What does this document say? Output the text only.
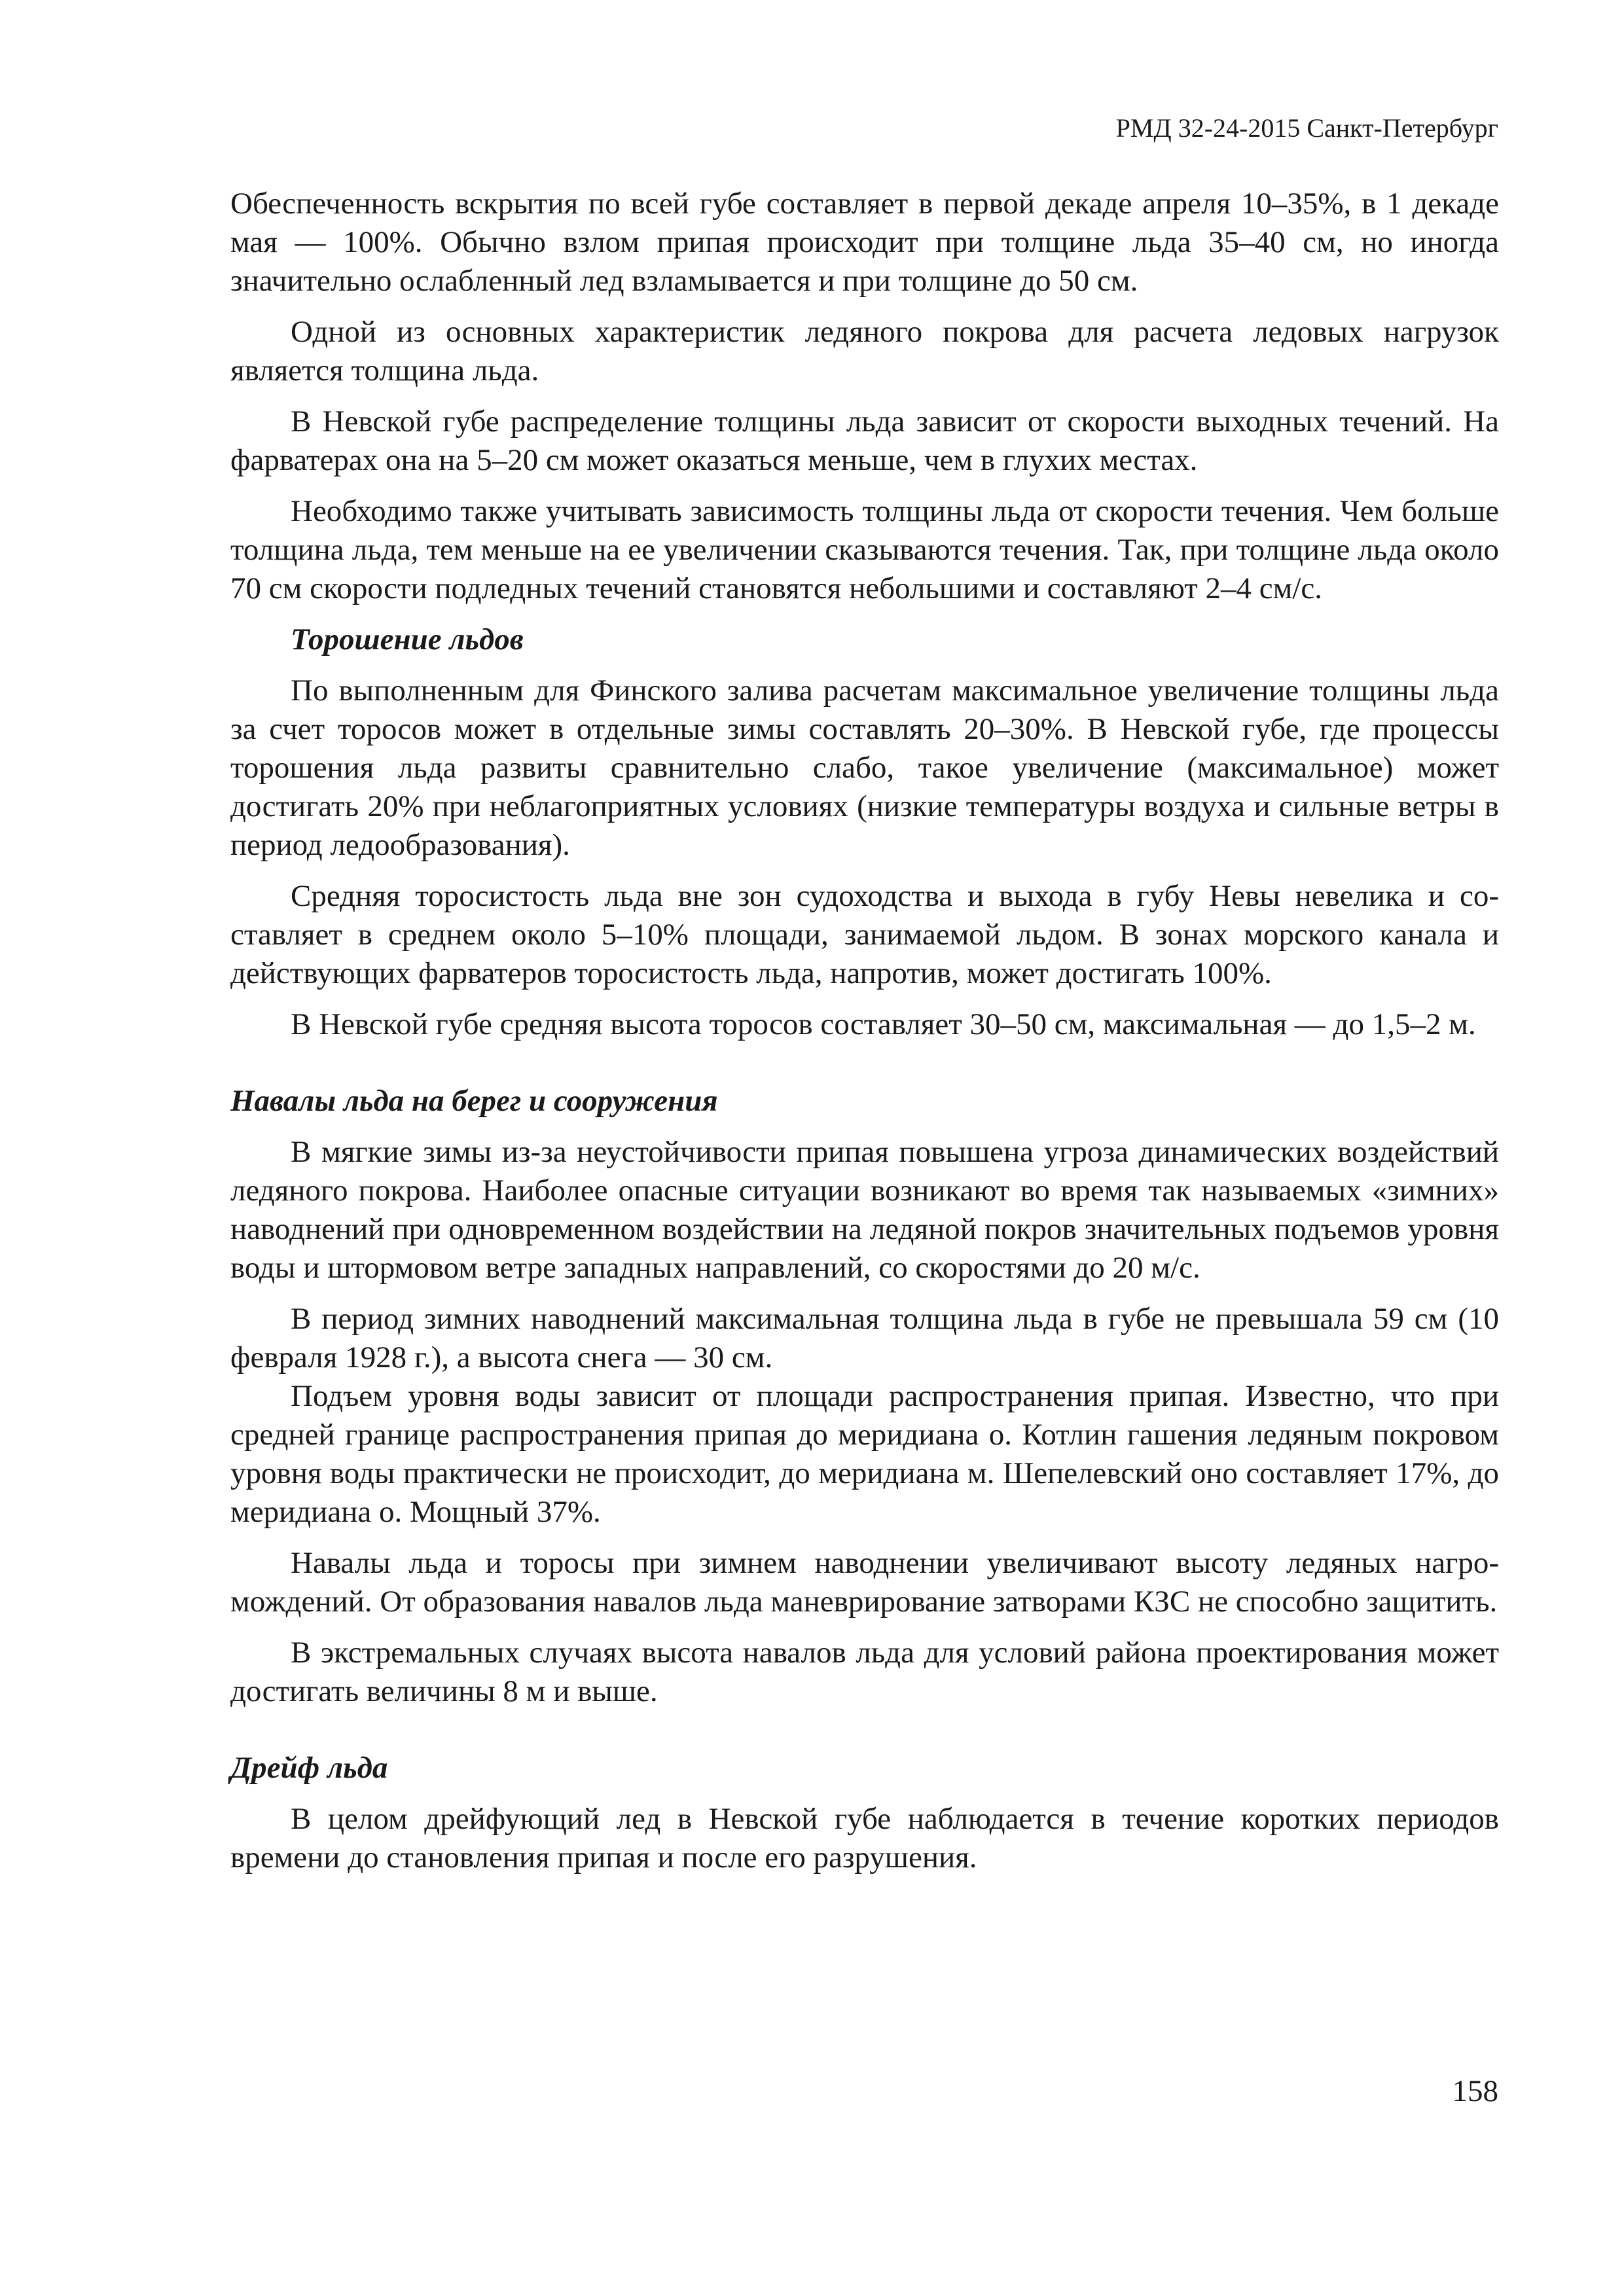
РМД 32-24-2015 Санкт-Петербург

Обеспеченность вскрытия по всей губе составляет в первой декаде апреля 10–35%, в 1 декаде мая — 100%. Обычно взлом припая происходит при толщине льда 35–40 см, но иногда значительно ослабленный лед взламывается и при толщине до 50 см.

Одной из основных характеристик ледяного покрова для расчета ледовых нагрузок является толщина льда.

В Невской губе распределение толщины льда зависит от скорости выходных течений. На фарватерах она на 5–20 см может оказаться меньше, чем в глухих местах.

Необходимо также учитывать зависимость толщины льда от скорости течения. Чем больше толщина льда, тем меньше на ее увеличении сказываются течения. Так, при толщине льда около 70 см скорости подледных течений становятся небольшими и составляют 2–4 см/с.

Торошение льдов

По выполненным для Финского залива расчетам максимальное увеличение толщины льда за счет торосов может в отдельные зимы составлять 20–30%. В Невской губе, где процессы торошения льда развиты сравнительно слабо, такое увеличение (максимальное) может достигать 20% при неблагоприятных условиях (низкие температуры воздуха и сильные ветры в период ледообразования).

Средняя торосистость льда вне зон судоходства и выхода в губу Невы невелика и составляет в среднем около 5–10% площади, занимаемой льдом. В зонах морского канала и действующих фарватеров торосистость льда, напротив, может достигать 100%.

В Невской губе средняя высота торосов составляет 30–50 см, максимальная — до 1,5–2 м.

Навалы льда на берег и сооружения

В мягкие зимы из-за неустойчивости припая повышена угроза динамических воздействий ледяного покрова. Наиболее опасные ситуации возникают во время так называемых «зимних» наводнений при одновременном воздействии на ледяной покров значительных подъемов уровня воды и штормовом ветре западных направлений, со скоростями до 20 м/с.

В период зимних наводнений максимальная толщина льда в губе не превышала 59 см (10 февраля 1928 г.), а высота снега — 30 см.

Подъем уровня воды зависит от площади распространения припая. Известно, что при средней границе распространения припая до меридиана о. Котлин гашения ледяным покровом уровня воды практически не происходит, до меридиана м. Шепелевский оно составляет 17%, до меридиана о. Мощный 37%.

Навалы льда и торосы при зимнем наводнении увеличивают высоту ледяных нагромождений. От образования навалов льда маневрирование затворами КЗС не способно защитить.

В экстремальных случаях высота навалов льда для условий района проектирования может достигать величины 8 м и выше.

Дрейф льда

В целом дрейфующий лед в Невской губе наблюдается в течение коротких периодов времени до становления припая и после его разрушения.

158
